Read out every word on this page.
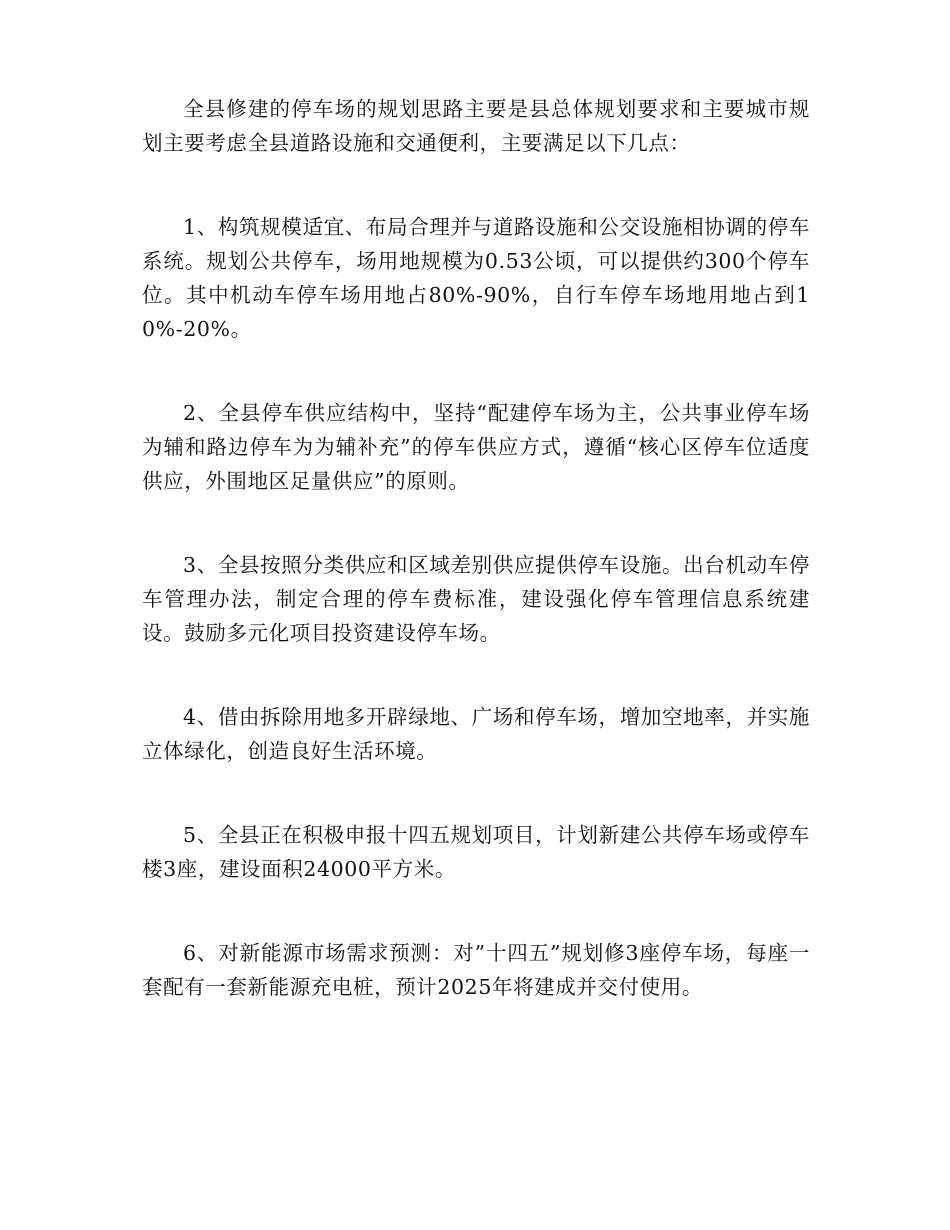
全县修建的停车场的规划思路主要是县总体规划要求和主要城市规划主要考虑全县道路设施和交通便利，主要满足以下几点：

1、构筑规模适宜、布局合理并与道路设施和公交设施相协调的停车系统。规划公共停车，场用地规模为0.53公顷，可以提供约300个停车位。其中机动车停车场用地占80%-90%，自行车停车场地用地占到10%-20%。

2、全县停车供应结构中，坚持“配建停车场为主，公共事业停车场为辅和路边停车为为辅补充”的停车供应方式，遵循“核心区停车位适度供应，外围地区足量供应”的原则。

3、全县按照分类供应和区域差别供应提供停车设施。出台机动车停车管理办法，制定合理的停车费标准，建设强化停车管理信息系统建设。鼓励多元化项目投资建设停车场。

4、借由拆除用地多开辟绿地、广场和停车场，增加空地率，并实施立体绿化，创造良好生活环境。

5、全县正在积极申报十四五规划项目，计划新建公共停车场或停车楼3座，建设面积24000平方米。

6、对新能源市场需求预测：对”十四五”规划修3座停车场，每座一套配有一套新能源充电桩，预计2025年将建成并交付使用。
